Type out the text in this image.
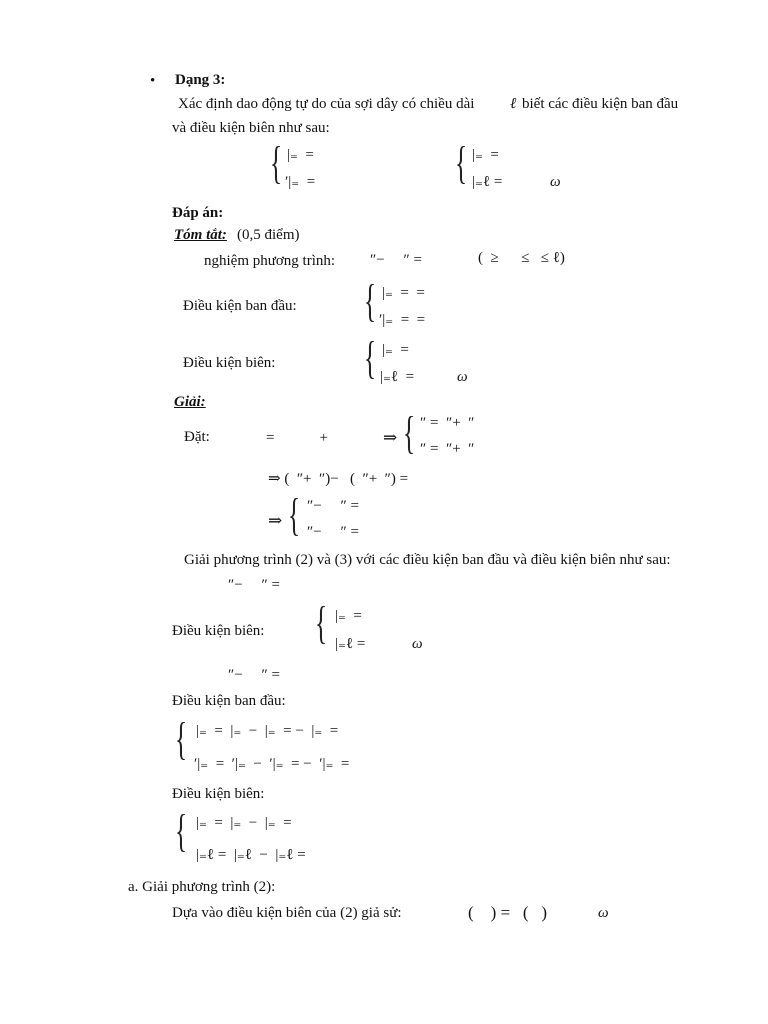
• Dạng 3:
Xác định dao động tự do của sợi dây có chiều dài ℓ biết các điều kiện ban đầu
và điều kiện biên như sau:
{ |₌  =
′|₌  =	{ |₌  =
|₌ℓ =	ω
Đáp án:
Tóm tắt: (0,5 điểm)
nghiệm phương trình: ″−     ″ =	(  ≥      ≤   ≤ ℓ)
Điều kiện ban đầu: { |₌  =  =
′|₌  =  =
Điều kiện biên: { |₌  =
|₌ℓ  =	ω
Giải:
Đặt:	=            +	⇒ { ″ =  ″+  ″
″ =  ″+  ″
⇒ (  ″+  ″)−   (  ″+  ″) =
⇒ { ″−     ″ =
″−     ″ =
Giải phương trình (2) và (3) với các điều kiện ban đầu và điều kiện biên như sau:
″−     ″ =
Điều kiện biên: { |₌  =
|₌ℓ =	ω
″−     ″ =
Điều kiện ban đầu:
{ |₌  =  |₌  −  |₌  = −  |₌  =
′|₌  =  ′|₌  −  ′|₌  = −  ′|₌  =
Điều kiện biên:
{ |₌  =  |₌  −  |₌  =
|₌ℓ =  |₌ℓ  −  |₌ℓ =
a. Giải phương trình (2):
Dựa vào điều kiện biên của (2) giả sử:	(    ) =   (   )	ω
